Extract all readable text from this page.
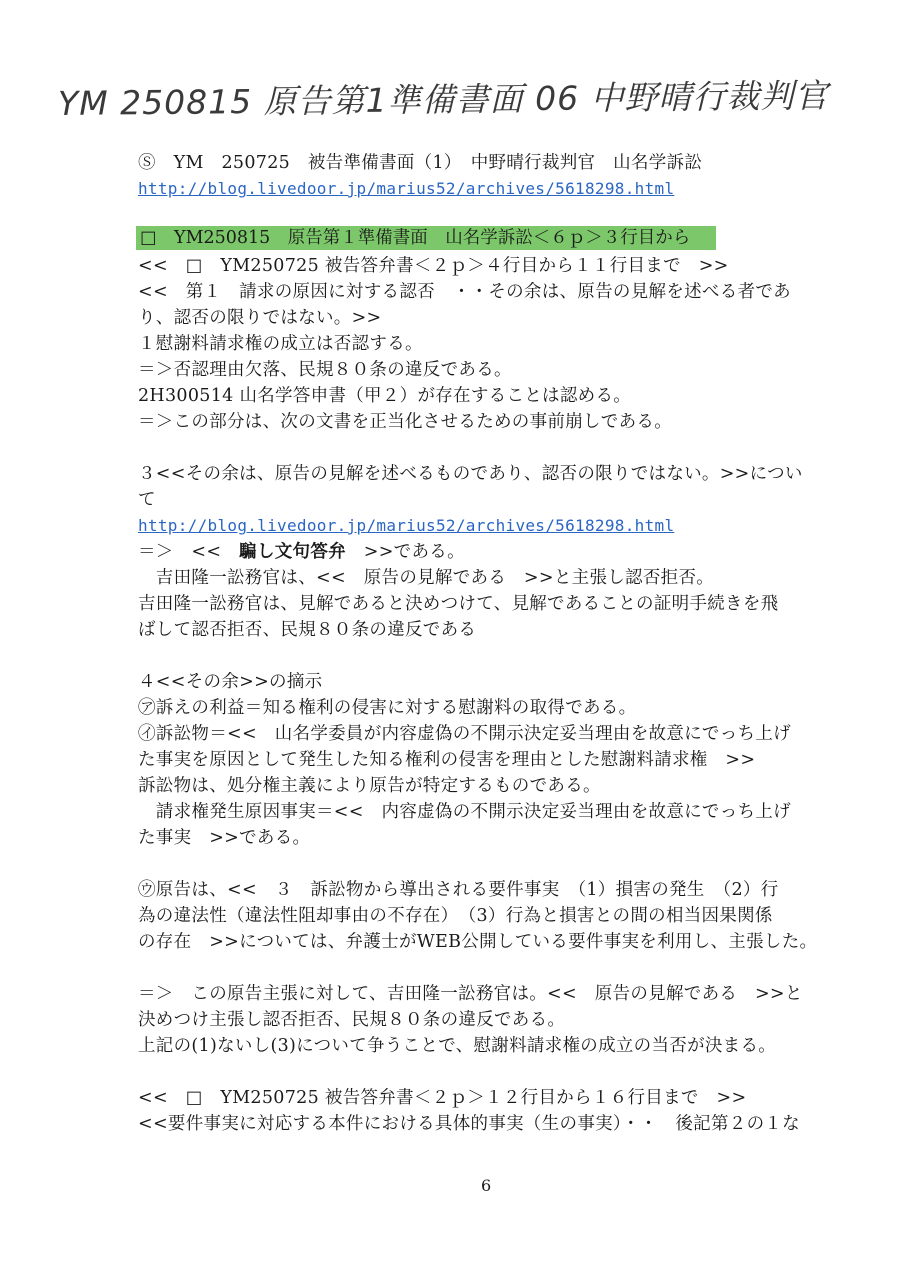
YM 250815 原告第1準備書面 06 中野晴行裁判官
□　YM250815　原告第１準備書面　山名学訴訟＜６ｐ＞３行目から
Ⓢ　YM　250725　被告準備書面（1）　中野晴行裁判官　山名学訴訟
http://blog.livedoor.jp/marius52/archives/5618298.html
<<　□　YM250725 被告答弁書＜２ｐ＞４行目から１１行目まで　>>
<<　第１　請求の原因に対する認否　・・その余は、原告の見解を述べる者であ
り、認否の限りではない。>>
１慰謝料請求権の成立は否認する。
＝＞否認理由欠落、民規８０条の違反である。
2H300514 山名学答申書（甲２）が存在することは認める。
＝＞この部分は、次の文書を正当化させるための事前崩しである。
３<<その余は、原告の見解を述べるものであり、認否の限りではない。>>につい
て
http://blog.livedoor.jp/marius52/archives/5618298.html
　吉田隆一訟務官は、<<　原告の見解である　>>と主張し認否拒否。
吉田隆一訟務官は、見解であると決めつけて、見解であることの証明手続きを飛
ばして認否拒否、民規８０条の違反である
４<<その余>>の摘示
㋐訴えの利益＝知る権利の侵害に対する慰謝料の取得である。
㋑訴訟物＝<<　山名学委員が内容虚偽の不開示決定妥当理由を故意にでっち上げ
た事実を原因として発生した知る権利の侵害を理由とした慰謝料請求権　>>
訴訟物は、処分権主義により原告が特定するものである。
　請求権発生原因事実＝<<　内容虚偽の不開示決定妥当理由を故意にでっち上げ
た事実　>>である。
㋒原告は、<<　３　訴訟物から導出される要件事実　（1）損害の発生　（2）行
為の違法性（違法性阻却事由の不存在）　（3）行為と損害との間の相当因果関係
の存在　>>については、弁護士がWEB公開している要件事実を利用し、主張した。
＝＞　この原告主張に対して、吉田隆一訟務官は。<<　原告の見解である　>>と
決めつけ主張し認否拒否、民規８０条の違反である。
上記の(1)ないし(3)について争うことで、慰謝料請求権の成立の当否が決まる。
<<　□　YM250725 被告答弁書＜２ｐ＞１２行目から１６行目まで　>>
<<要件事実に対応する本件における具体的事実（生の事実）・・　後記第２の１な
＝＞　<<　騙し文句答弁　>>である。
6
